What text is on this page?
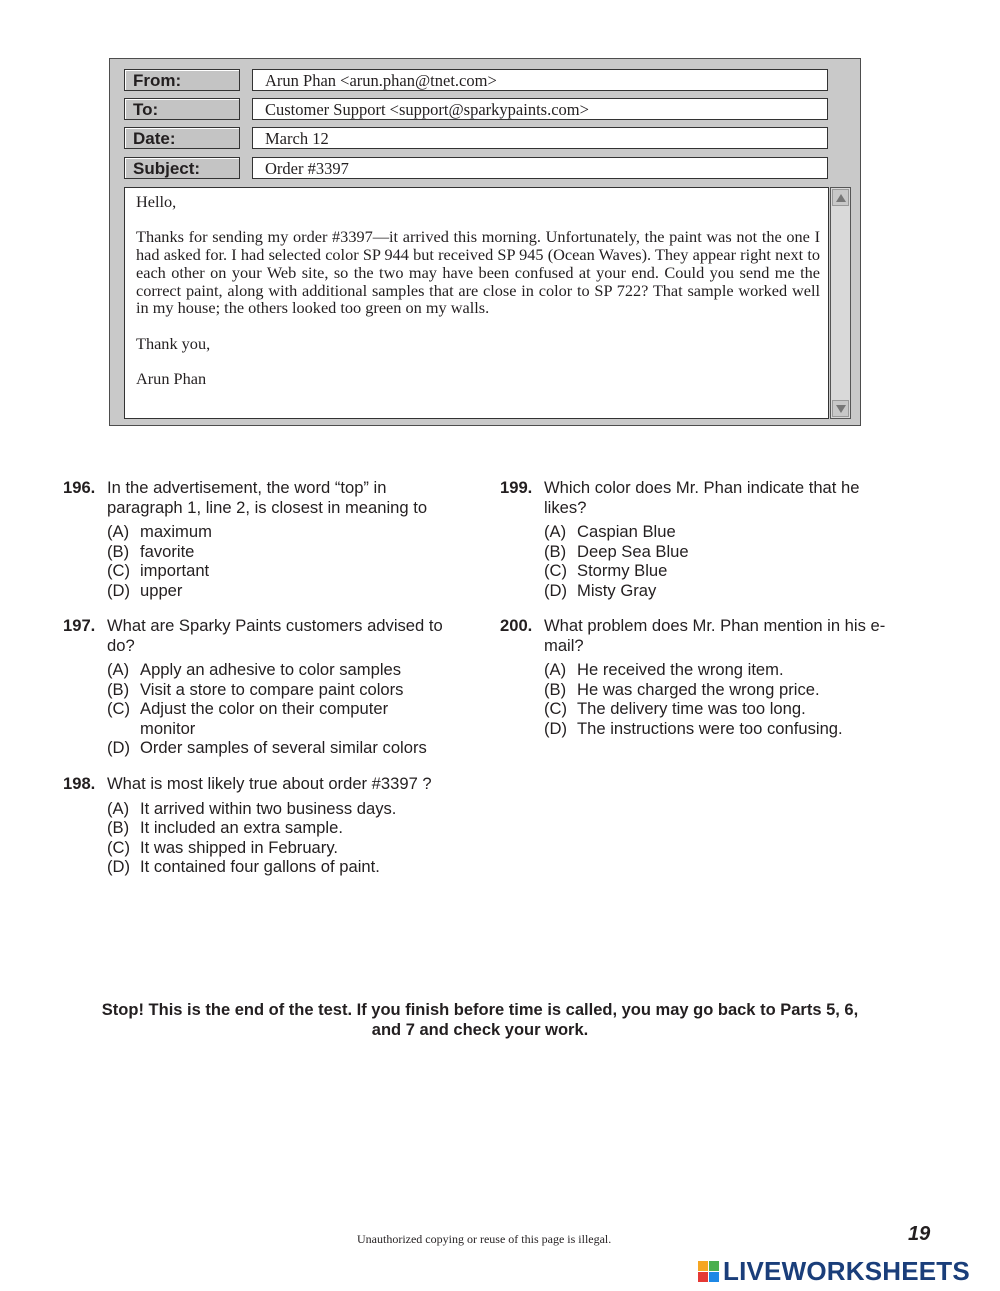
From:	Arun Phan <arun.phan@tnet.com>
To:	Customer Support <support@sparkypaints.com>
Date:	March 12
Subject:	Order #3397

Hello,

Thanks for sending my order #3397—it arrived this morning. Unfortunately, the paint was not the one I had asked for. I had selected color SP 944 but received SP 945 (Ocean Waves). They appear right next to each other on your Web site, so the two may have been confused at your end. Could you send me the correct paint, along with additional samples that are close in color to SP 722? That sample worked well in my house; the others looked too green on my walls.

Thank you,

Arun Phan

196. In the advertisement, the word “top” in paragraph 1, line 2, is closest in meaning to
(A) maximum
(B) favorite
(C) important
(D) upper
197. What are Sparky Paints customers advised to do?
(A) Apply an adhesive to color samples
(B) Visit a store to compare paint colors
(C) Adjust the color on their computer monitor
(D) Order samples of several similar colors
198. What is most likely true about order #3397 ?
(A) It arrived within two business days.
(B) It included an extra sample.
(C) It was shipped in February.
(D) It contained four gallons of paint.
199. Which color does Mr. Phan indicate that he likes?
(A) Caspian Blue
(B) Deep Sea Blue
(C) Stormy Blue
(D) Misty Gray
200. What problem does Mr. Phan mention in his e-mail?
(A) He received the wrong item.
(B) He was charged the wrong price.
(C) The delivery time was too long.
(D) The instructions were too confusing.
Stop! This is the end of the test. If you finish before time is called, you may go back to Parts 5, 6, and 7 and check your work.
Unauthorized copying or reuse of this page is illegal.	19
LIVEWORKSHEETS
